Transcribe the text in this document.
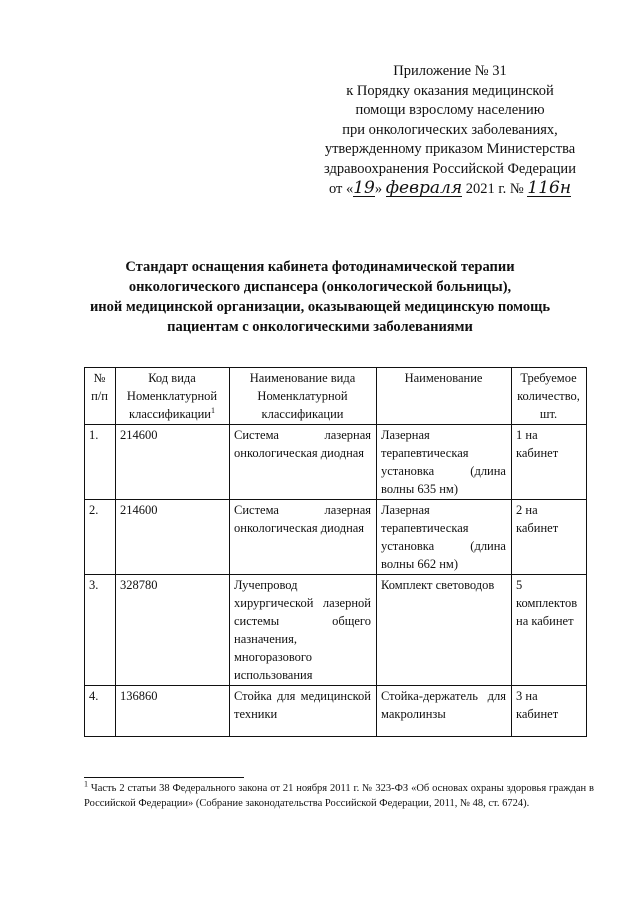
Приложение № 31
к Порядку оказания медицинской
помощи взрослому населению
при онкологических заболеваниях,
утвержденному приказом Министерства
здравоохранения Российской Федерации
от «19» февраля 2021 г. № 116н
Стандарт оснащения кабинета фотодинамической терапии
онкологического диспансера (онкологической больницы),
иной медицинской организации, оказывающей медицинскую помощь
пациентам с онкологическими заболеваниями
№ п/п	Код вида Номенклатурной классификации$^1$	Наименование вида Номенклатурной классификации	Наименование	Требуемое количество, шт.
1.	214600	Система лазерная онкологическая диодная	Лазерная терапевтическая установка (длина волны 635 нм)	1 на кабинет
2.	214600	Система лазерная онкологическая диодная	Лазерная терапевтическая установка (длина волны 662 нм)	2 на кабинет
3.	328780	Лучепровод хирургической лазерной системы общего назначения, многоразового использования	Комплект световодов	5 комплектов на кабинет
4.	136860	Стойка для медицинской техники	Стойка-держатель для макролинзы	3 на кабинет
$^1$ Часть 2 статьи 38 Федерального закона от 21 ноября 2011 г. № 323-ФЗ «Об основах охраны здоровья граждан в Российской Федерации» (Собрание законодательства Российской Федерации, 2011, № 48, ст. 6724).
